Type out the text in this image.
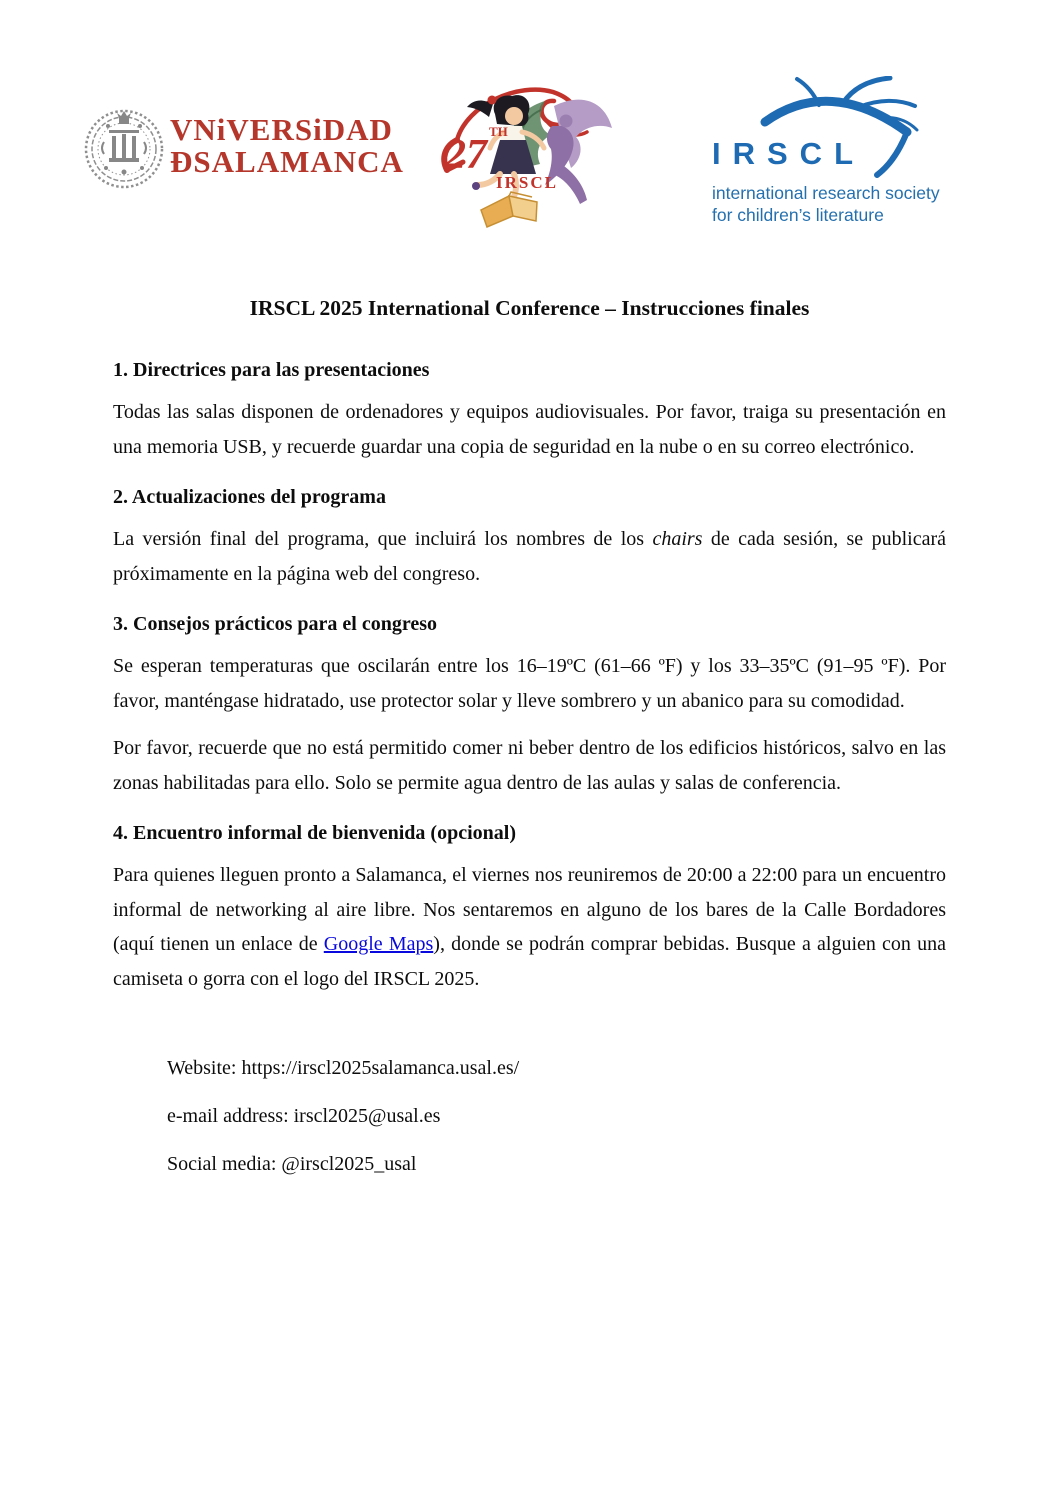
VNiVERSiDAD
ÐSALAMANCA 27
TH
IRSCL
IRSCL
international research society
for children’s literature
IRSCL 2025 International Conference – Instrucciones finales
1. Directrices para las presentaciones

Todas las salas disponen de ordenadores y equipos audiovisuales. Por favor, traiga su presentación en una memoria USB, y recuerde guardar una copia de seguridad en la nube o en su correo electrónico.

2. Actualizaciones del programa

La versión final del programa, que incluirá los nombres de los chairs de cada sesión, se publicará próximamente en la página web del congreso.

3. Consejos prácticos para el congreso

Se esperan temperaturas que oscilarán entre los 16–19ºC (61–66 ºF) y los 33–35ºC (91–95 ºF). Por favor, manténgase hidratado, use protector solar y lleve sombrero y un abanico para su comodidad.

Por favor, recuerde que no está permitido comer ni beber dentro de los edificios históricos, salvo en las zonas habilitadas para ello. Solo se permite agua dentro de las aulas y salas de conferencia.

4. Encuentro informal de bienvenida (opcional)

Para quienes lleguen pronto a Salamanca, el viernes nos reuniremos de 20:00 a 22:00 para un encuentro informal de networking al aire libre. Nos sentaremos en alguno de los bares de la Calle Bordadores (aquí tienen un enlace de Google Maps), donde se podrán comprar bebidas. Busque a alguien con una camiseta o gorra con el logo del IRSCL 2025.

Website: https://irscl2025salamanca.usal.es/

e-mail address: irscl2025@usal.es

Social media: @irscl2025_usal
